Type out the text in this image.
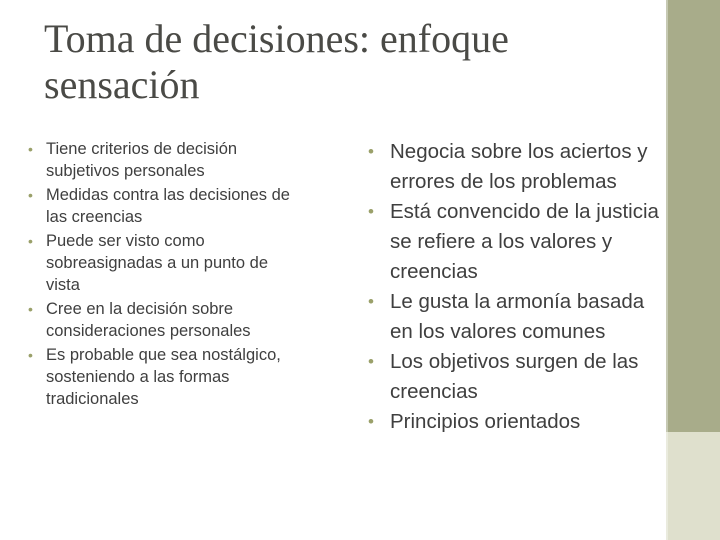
Toma de decisiones: enfoque sensación
• Tiene criterios de decisión subjetivos personales
• Medidas contra las decisiones de las creencias
• Puede ser visto como sobreasignadas a un punto de vista
• Cree en la decisión sobre consideraciones personales
• Es probable que sea nostálgico, sosteniendo a las formas tradicionales
• Negocia sobre los aciertos y errores de los problemas
• Está convencido de la justicia se refiere a los valores y creencias
• Le gusta la armonía basada en los valores comunes
• Los objetivos surgen de las creencias
• Principios orientados
